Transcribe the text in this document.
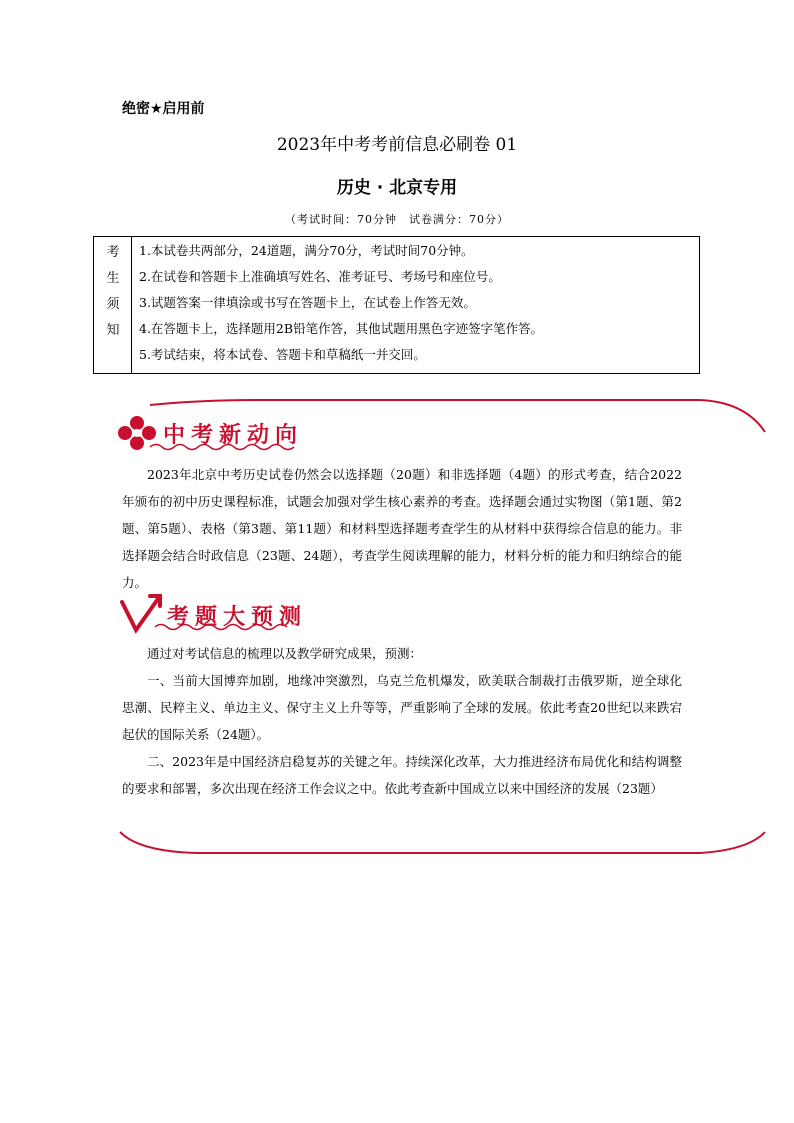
绝密★启用前
2023年中考考前信息必刷卷 01
历史 · 北京专用
（考试时间：70分钟　试卷满分：70分）
考
生
须
知
1.本试卷共两部分，24道题，满分70分，考试时间70分钟。
2.在试卷和答题卡上准确填写姓名、准考证号、考场号和座位号。
3.试题答案一律填涂或书写在答题卡上，在试卷上作答无效。
4.在答题卡上，选择题用2B铅笔作答，其他试题用黑色字迹签字笔作答。
5.考试结束，将本试卷、答题卡和草稿纸一并交回。
中考新动向

2023年北京中考历史试卷仍然会以选择题（20题）和非选择题（4题）的形式考查，结合2022年颁布的初中历史课程标准，试题会加强对学生核心素养的考查。选择题会通过实物图（第1题、第2题、第5题）、表格（第3题、第11题）和材料型选择题考查学生的从材料中获得综合信息的能力。非选择题会结合时政信息（23题、24题），考查学生阅读理解的能力，材料分析的能力和归纳综合的能力。

考题大预测

通过对考试信息的梳理以及教学研究成果，预测：

一、当前大国博弈加剧，地缘冲突激烈，乌克兰危机爆发，欧美联合制裁打击俄罗斯，逆全球化思潮、民粹主义、单边主义、保守主义上升等等，严重影响了全球的发展。依此考查20世纪以来跌宕起伏的国际关系（24题）。

二、2023年是中国经济启稳复苏的关键之年。持续深化改革，大力推进经济布局优化和结构调整的要求和部署，多次出现在经济工作会议之中。依此考查新中国成立以来中国经济的发展（23题）
